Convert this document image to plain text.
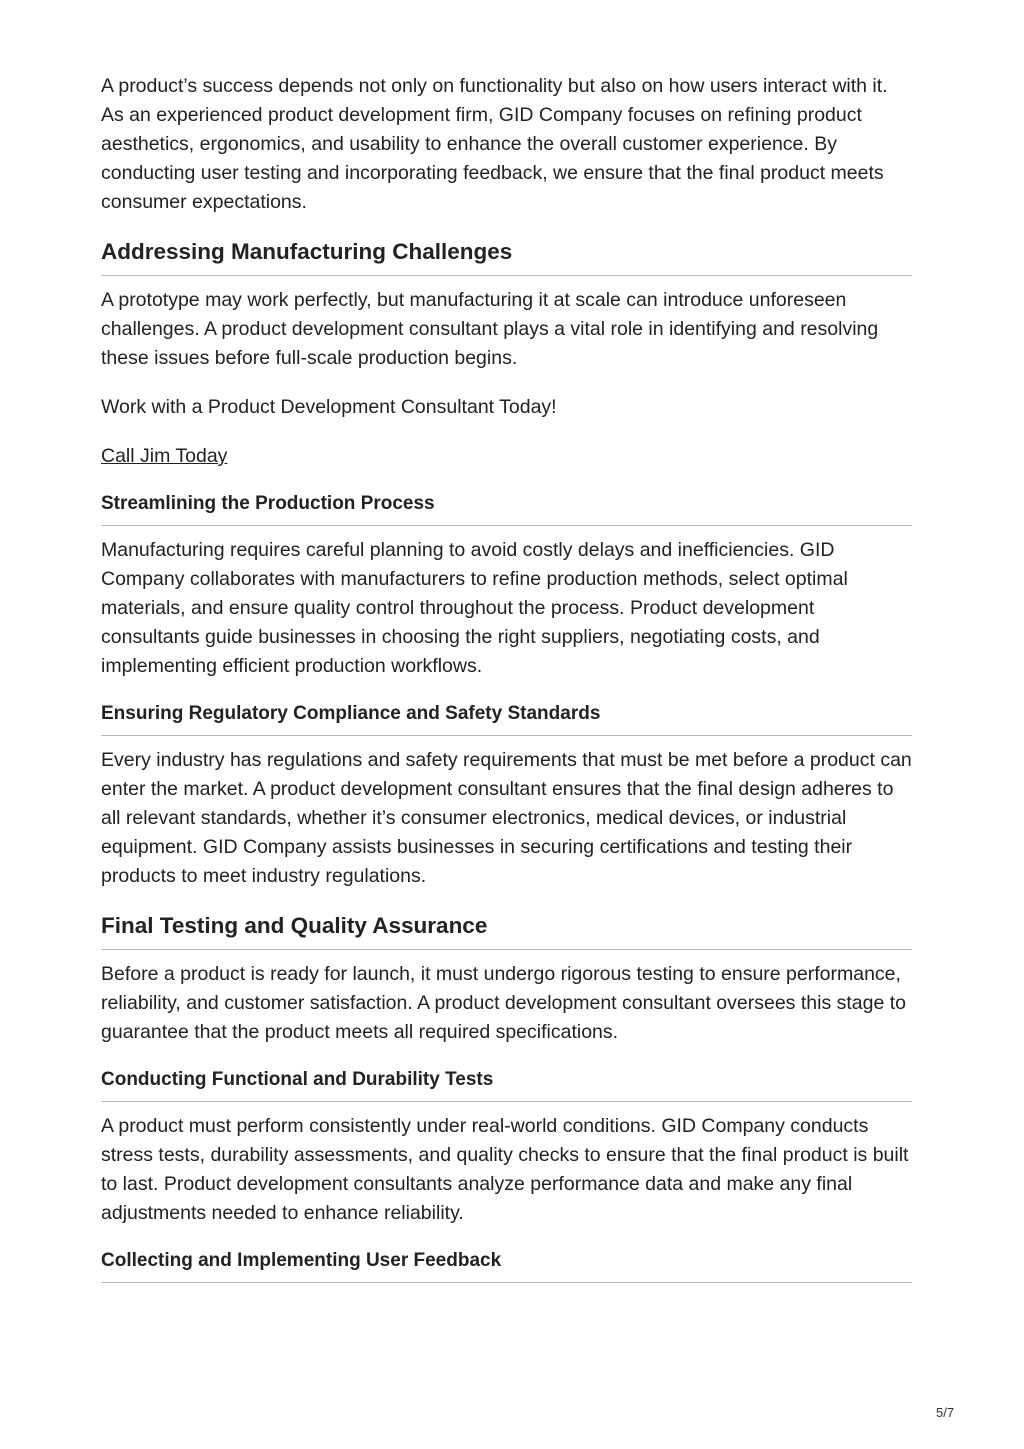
A product’s success depends not only on functionality but also on how users interact with it. As an experienced product development firm, GID Company focuses on refining product aesthetics, ergonomics, and usability to enhance the overall customer experience. By conducting user testing and incorporating feedback, we ensure that the final product meets consumer expectations.

Addressing Manufacturing Challenges

A prototype may work perfectly, but manufacturing it at scale can introduce unforeseen challenges. A product development consultant plays a vital role in identifying and resolving these issues before full-scale production begins.

Work with a Product Development Consultant Today!

Call Jim Today

Streamlining the Production Process

Manufacturing requires careful planning to avoid costly delays and inefficiencies. GID Company collaborates with manufacturers to refine production methods, select optimal materials, and ensure quality control throughout the process. Product development consultants guide businesses in choosing the right suppliers, negotiating costs, and implementing efficient production workflows.

Ensuring Regulatory Compliance and Safety Standards

Every industry has regulations and safety requirements that must be met before a product can enter the market. A product development consultant ensures that the final design adheres to all relevant standards, whether it’s consumer electronics, medical devices, or industrial equipment. GID Company assists businesses in securing certifications and testing their products to meet industry regulations.

Final Testing and Quality Assurance

Before a product is ready for launch, it must undergo rigorous testing to ensure performance, reliability, and customer satisfaction. A product development consultant oversees this stage to guarantee that the product meets all required specifications.

Conducting Functional and Durability Tests

A product must perform consistently under real-world conditions. GID Company conducts stress tests, durability assessments, and quality checks to ensure that the final product is built to last. Product development consultants analyze performance data and make any final adjustments needed to enhance reliability.

Collecting and Implementing User Feedback
5/7
